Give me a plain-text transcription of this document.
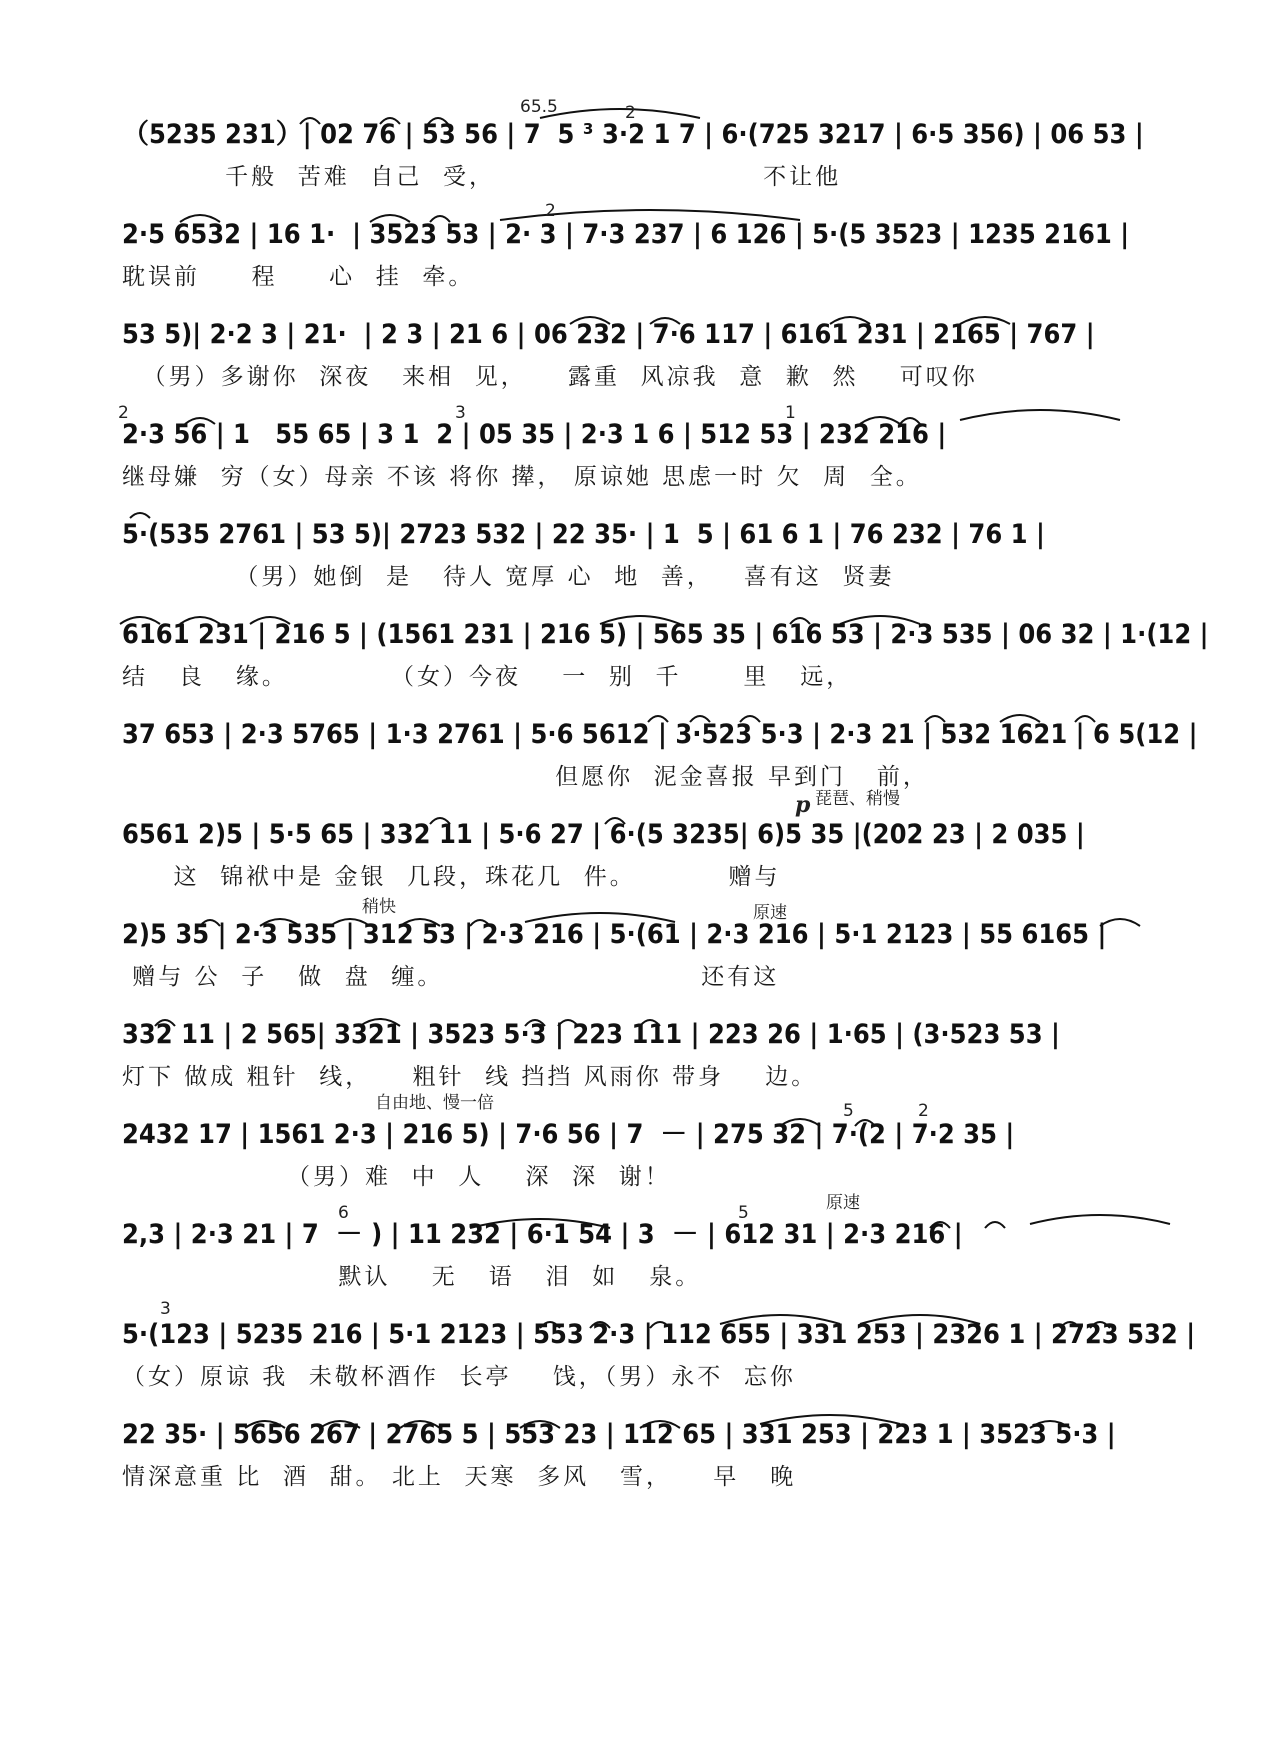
65.5	2
（5235 231）| 02 76 | 53 56 | 7  5 ³ 3·2 1 7 | 6·(725 3217 | 6·5 356) | 06 53 |
千般  苦难  自己  受，                          不让他
2
2·5 6532 | 16 1·  | 3523 53 | 2· 3 | 7·3 237 | 6 126 | 5·(5 3523 | 1235 2161 |
耽误前     程     心  挂  牵。
53 5)| 2·2 3 | 21·  | 2 3 | 21 6 | 06 232 | 7·6 117 | 6161 231 | 2165 | 767 |
（男）多谢你  深夜   来相  见，    露重  风凉我  意  歉  然    可叹你
2	3	1
2·3 56 | 1   55 65 | 3 1  2 | 05 35 | 2·3 1 6 | 512 53 | 232 216 |
继母嫌  穷（女）母亲 不该 将你 撵， 原谅她 思虑一时 欠  周  全。
5·(535 2761 | 53 5)| 2723 532 | 22 35· | 1  5 | 61 6 1 | 76 232 | 76 1 |
（男）她倒  是   待人 宽厚 心  地  善，   喜有这  贤妻
6161 231 | 216 5 | (1561 231 | 216 5) | 565 35 | 616 53 | 2·3 535 | 06 32 | 1·(12 |
结   良   缘。          （女）今夜    一  别  千      里   远，
37 653 | 2·3 5765 | 1·3 2761 | 5·6 5612 | 3·523 5·3 | 2·3 21 | 532 1621 | 6 5(12 |
但愿你  泥金喜报 早到门   前，
p 琵琶、稍慢
6561 2)5 | 5·5 65 | 332 11 | 5·6 27 | 6·(5 3235| 6)5 35 |(202 23 | 2 035 |
这  锦袱中是 金银  几段，珠花几  件。         赠与
稍快	原速
2)5 35 | 2·3 535 | 312 53 | 2·3 216 | 5·(61 | 2·3 216 | 5·1 2123 | 55 6165 |
赠与 公  子   做  盘  缠。                         还有这
332 11 | 2 565| 3321 | 3523 5·3 | 223 111 | 223 26 | 1·65 | (3·523 53 |
灯下 做成 粗针  线，    粗针  线 挡挡 风雨你 带身    边。
自由地、慢一倍	5	2
2432 17 | 1561 2·3 | 216 5) | 7·6 56 | 7  － | 275 32 | 7·(2 | 7·2 35 |
（男）难  中  人    深  深  谢！
原速
6	5
2,3 | 2·3 21 | 7  － ) | 11 232 | 6·1 54 | 3  － | 612 31 | 2·3 216 |
默认    无   语   泪  如   泉。
3
5·(123 | 5235 216 | 5·1 2123 | 553 2·3 | 112 655 | 331 253 | 2326 1 | 2723 532 |
（女）原谅 我  未敬杯酒作  长亭    饯，（男）永不  忘你
22 35· | 5656 267 | 2765 5 | 553 23 | 112 65 | 331 253 | 223 1 | 3523 5·3 |
情深意重 比  酒  甜。 北上  天寒  多风   雪，    早   晚
